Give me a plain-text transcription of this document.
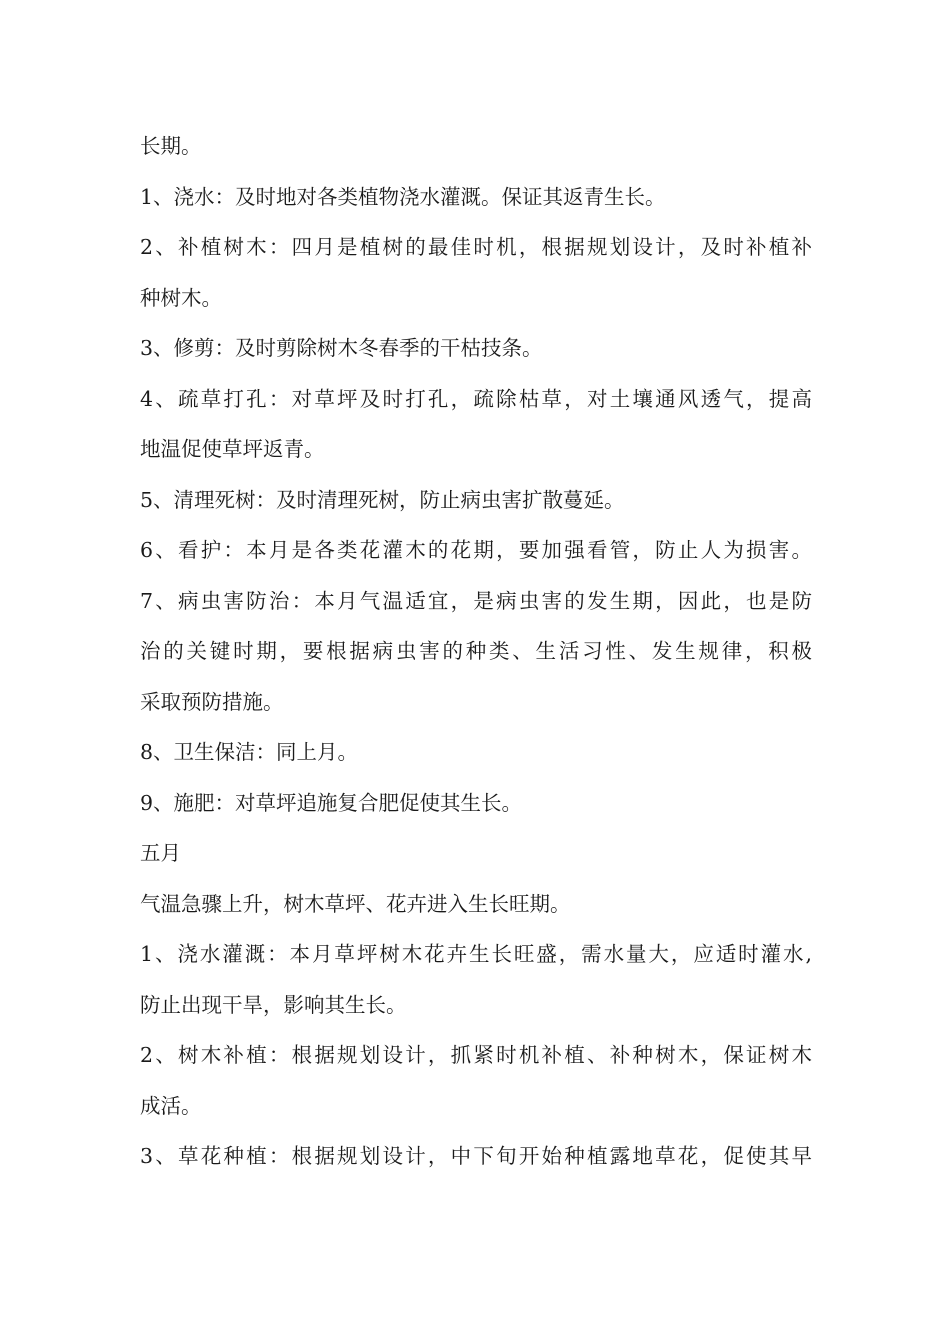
长期。
1、浇水：及时地对各类植物浇水灌溉。保证其返青生长。
2、补植树木：四月是植树的最佳时机，根据规划设计，及时补植补
种树木。
3、修剪：及时剪除树木冬春季的干枯技条。
4、疏草打孔：对草坪及时打孔，疏除枯草，对土壤通风透气，提高
地温促使草坪返青。
5、清理死树：及时清理死树，防止病虫害扩散蔓延。
6、看护：本月是各类花灌木的花期，要加强看管，防止人为损害。
7、病虫害防治：本月气温适宜，是病虫害的发生期，因此，也是防
治的关键时期，要根据病虫害的种类、生活习性、发生规律，积极
采取预防措施。
8、卫生保洁：同上月。
9、施肥：对草坪追施复合肥促使其生长。
五月
气温急骤上升，树木草坪、花卉进入生长旺期。
1、浇水灌溉：本月草坪树木花卉生长旺盛，需水量大，应适时灌水,
防止出现干旱，影响其生长。
2、树木补植：根据规划设计，抓紧时机补植、补种树木，保证树木
成活。
3、草花种植：根据规划设计，中下旬开始种植露地草花，促使其早
